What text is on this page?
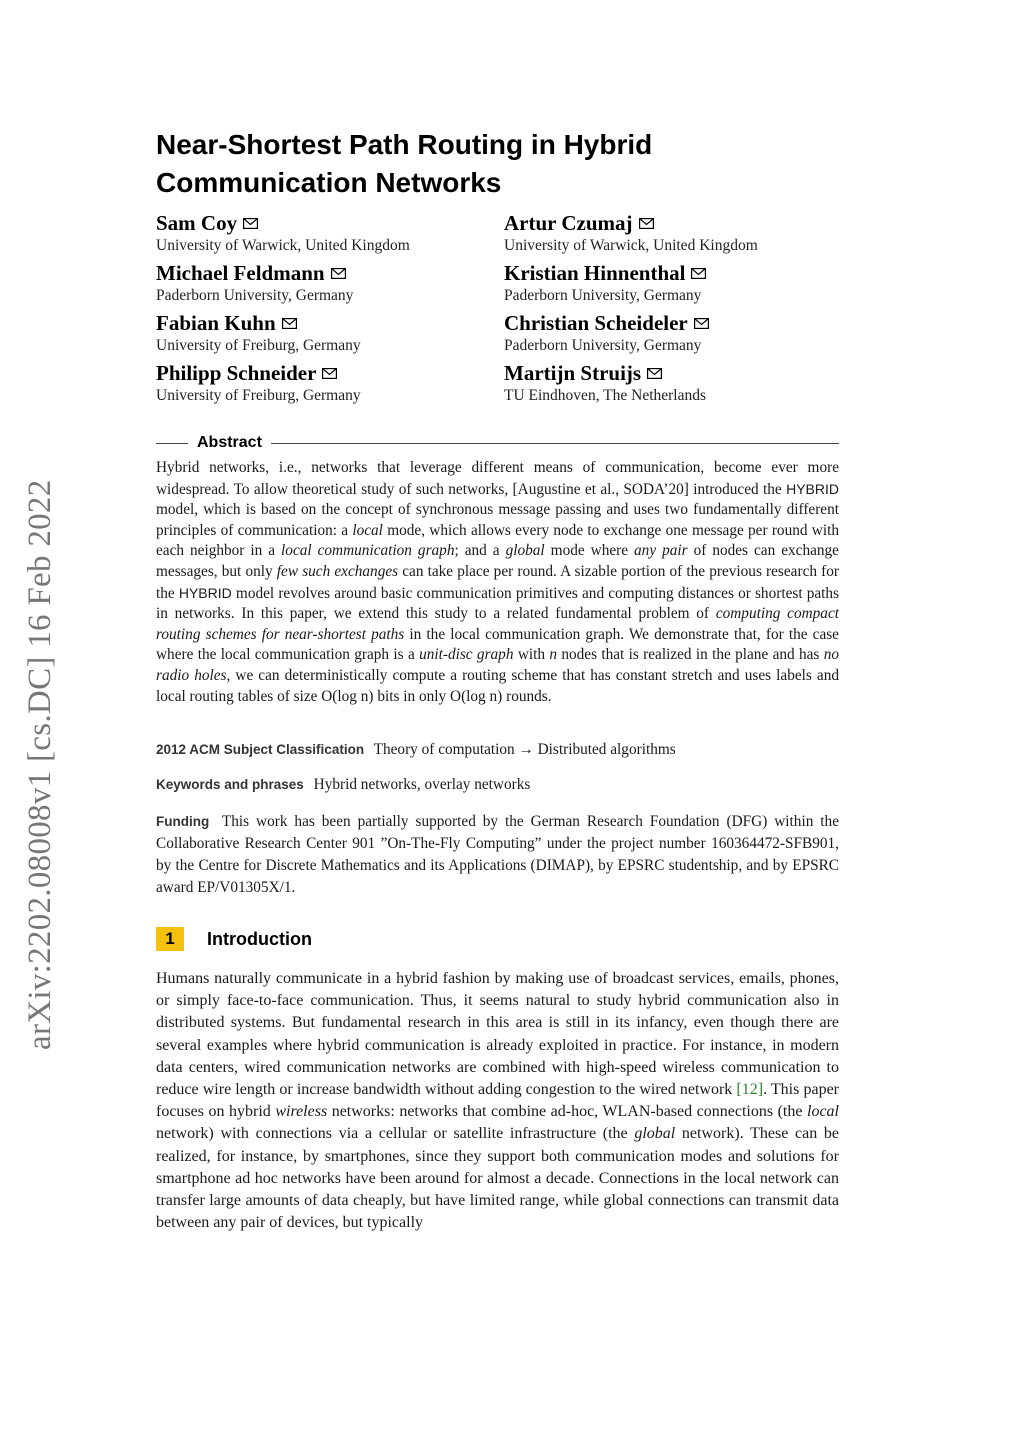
arXiv:2202.08008v1 [cs.DC] 16 Feb 2022
Near-Shortest Path Routing in Hybrid
Communication Networks
Sam Coy
University of Warwick, United Kingdom
Artur Czumaj
University of Warwick, United Kingdom
Michael Feldmann
Paderborn University, Germany
Kristian Hinnenthal
Paderborn University, Germany
Fabian Kuhn
University of Freiburg, Germany
Christian Scheideler
Paderborn University, Germany
Philipp Schneider
University of Freiburg, Germany
Martijn Struijs
TU Eindhoven, The Netherlands
Abstract
Hybrid networks, i.e., networks that leverage different means of communication, become ever more widespread. To allow theoretical study of such networks, [Augustine et al., SODA’20] introduced the HYBRID model, which is based on the concept of synchronous message passing and uses two fundamentally different principles of communication: a local mode, which allows every node to exchange one message per round with each neighbor in a local communication graph; and a global mode where any pair of nodes can exchange messages, but only few such exchanges can take place per round. A sizable portion of the previous research for the HYBRID model revolves around basic communication primitives and computing distances or shortest paths in networks. In this paper, we extend this study to a related fundamental problem of computing compact routing schemes for near-shortest paths in the local communication graph. We demonstrate that, for the case where the local communication graph is a unit-disc graph with n nodes that is realized in the plane and has no radio holes, we can deterministically compute a routing scheme that has constant stretch and uses labels and local routing tables of size O(log n) bits in only O(log n) rounds.
2012 ACM Subject Classification Theory of computation → Distributed algorithms
Keywords and phrases Hybrid networks, overlay networks
Funding This work has been partially supported by the German Research Foundation (DFG) within the Collaborative Research Center 901 ”On-The-Fly Computing” under the project number 160364472-SFB901, by the Centre for Discrete Mathematics and its Applications (DIMAP), by EPSRC studentship, and by EPSRC award EP/V01305X/1.
1	Introduction
Humans naturally communicate in a hybrid fashion by making use of broadcast services, emails, phones, or simply face-to-face communication. Thus, it seems natural to study hybrid communication also in distributed systems. But fundamental research in this area is still in its infancy, even though there are several examples where hybrid communication is already exploited in practice. For instance, in modern data centers, wired communication networks are combined with high-speed wireless communication to reduce wire length or increase bandwidth without adding congestion to the wired network [12]. This paper focuses on hybrid wireless networks: networks that combine ad-hoc, WLAN-based connections (the local network) with connections via a cellular or satellite infrastructure (the global network). These can be realized, for instance, by smartphones, since they support both communication modes and solutions for smartphone ad hoc networks have been around for almost a decade. Connections in the local network can transfer large amounts of data cheaply, but have limited range, while global connections can transmit data between any pair of devices, but typically
